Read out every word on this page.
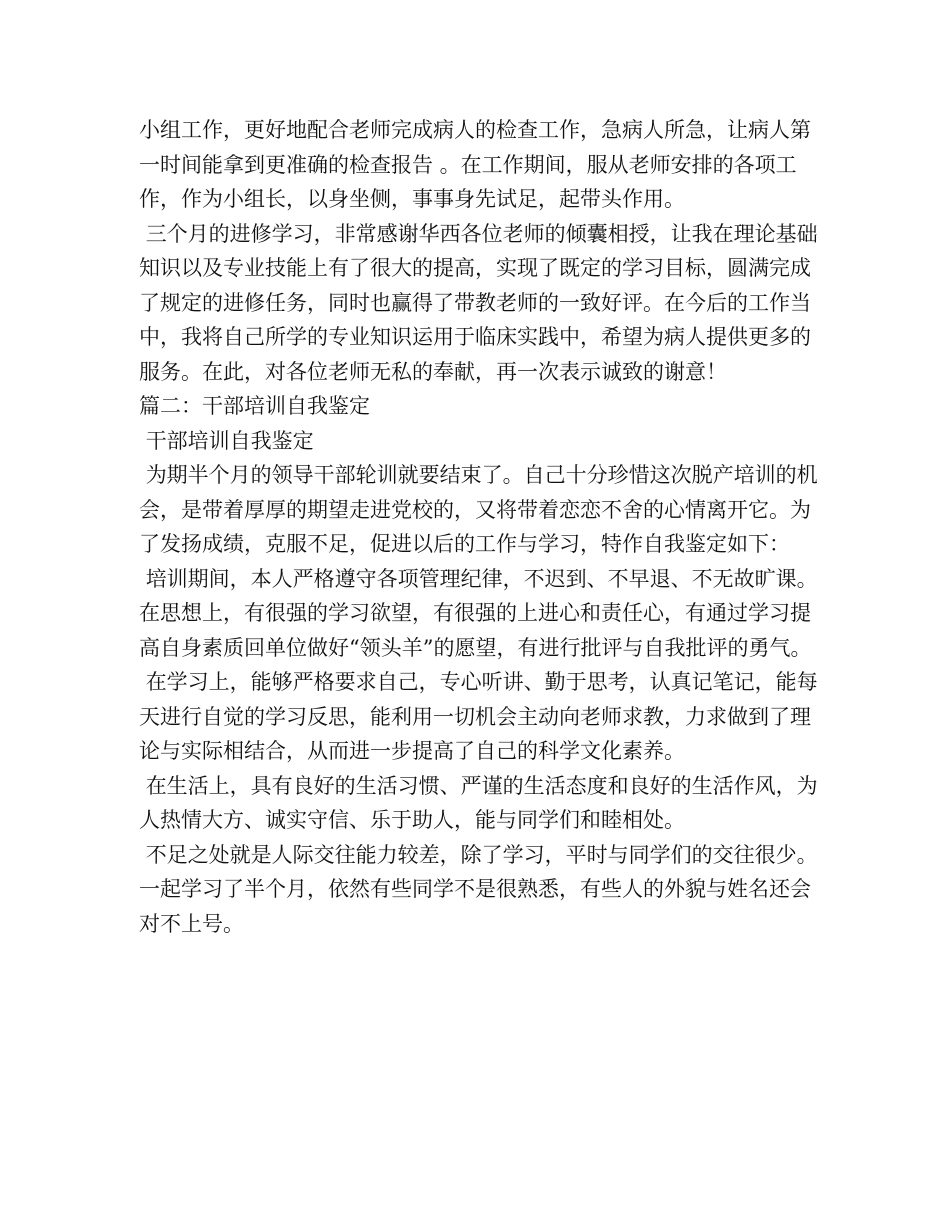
小组工作，更好地配合老师完成病人的检查工作，急病人所急，让病人第一时间能拿到更准确的检查报告 。在工作期间，服从老师安排的各项工作，作为小组长，以身坐侧，事事身先试足，起带头作用。

三个月的进修学习，非常感谢华西各位老师的倾囊相授，让我在理论基础知识以及专业技能上有了很大的提高，实现了既定的学习目标，圆满完成了规定的进修任务，同时也赢得了带教老师的一致好评。在今后的工作当中，我将自己所学的专业知识运用于临床实践中，希望为病人提供更多的服务。在此，对各位老师无私的奉献，再一次表示诚致的谢意！

篇二：干部培训自我鉴定

干部培训自我鉴定

为期半个月的领导干部轮训就要结束了。自己十分珍惜这次脱产培训的机会，是带着厚厚的期望走进党校的，又将带着恋恋不舍的心情离开它。为了发扬成绩，克服不足，促进以后的工作与学习，特作自我鉴定如下：

培训期间，本人严格遵守各项管理纪律，不迟到、不早退、不无故旷课。在思想上，有很强的学习欲望，有很强的上进心和责任心，有通过学习提高自身素质回单位做好“领头羊”的愿望，有进行批评与自我批评的勇气。

在学习上，能够严格要求自己，专心听讲、勤于思考，认真记笔记，能每天进行自觉的学习反思，能利用一切机会主动向老师求教，力求做到了理论与实际相结合，从而进一步提高了自己的科学文化素养。

在生活上，具有良好的生活习惯、严谨的生活态度和良好的生活作风，为人热情大方、诚实守信、乐于助人，能与同学们和睦相处。

不足之处就是人际交往能力较差，除了学习，平时与同学们的交往很少。一起学习了半个月，依然有些同学不是很熟悉，有些人的外貌与姓名还会对不上号。
